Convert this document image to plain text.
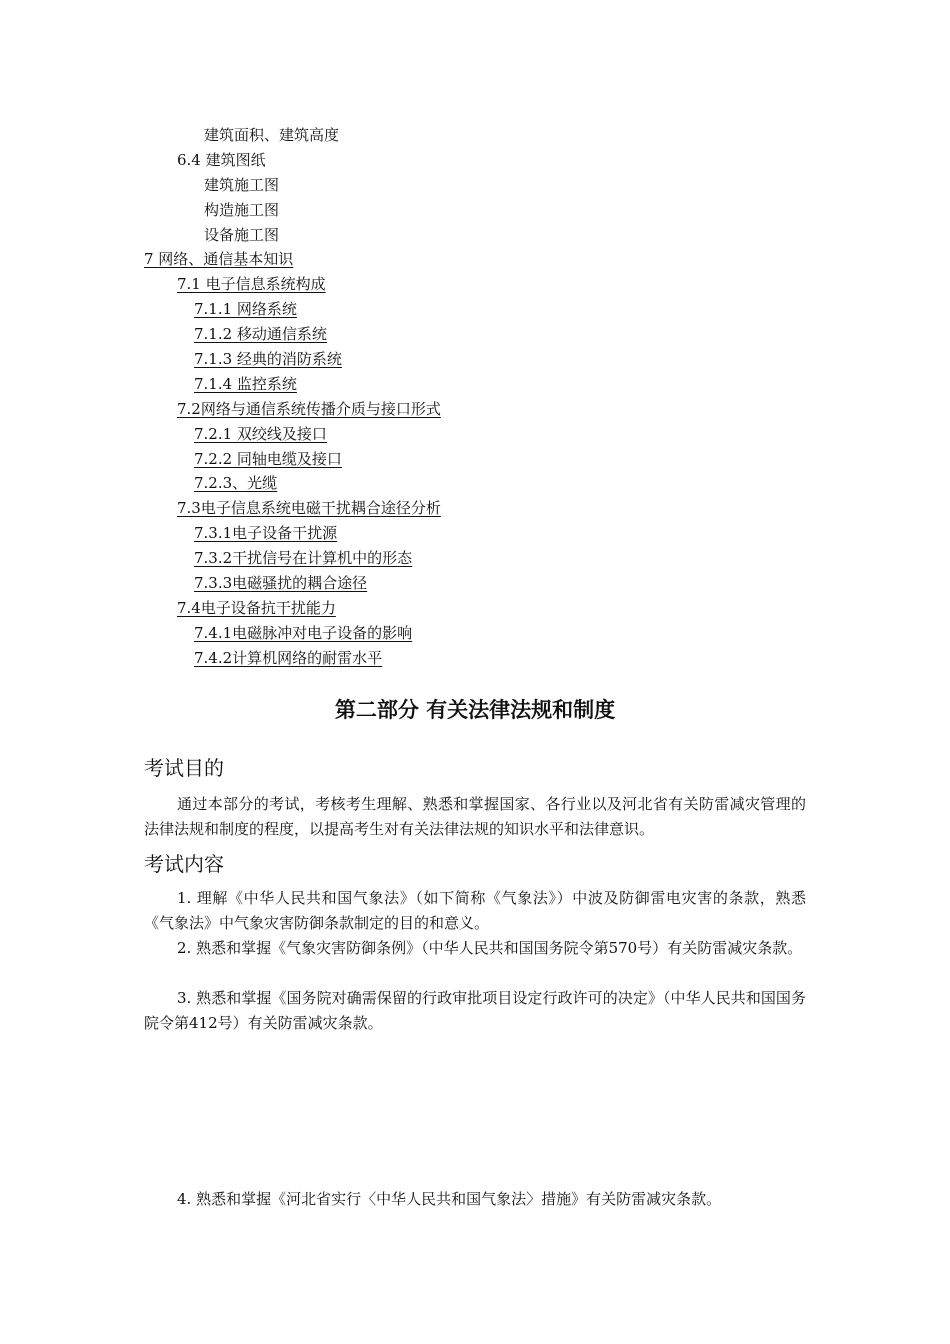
建筑面积、建筑高度
6.4 建筑图纸
建筑施工图
构造施工图
设备施工图
7 网络、通信基本知识
7.1 电子信息系统构成
7.1.1 网络系统
7.1.2 移动通信系统
7.1.3 经典的消防系统
7.1.4 监控系统
7.2网络与通信系统传播介质与接口形式
7.2.1 双绞线及接口
7.2.2 同轴电缆及接口
7.2.3、光缆
7.3电子信息系统电磁干扰耦合途径分析
7.3.1电子设备干扰源
7.3.2干扰信号在计算机中的形态
7.3.3电磁骚扰的耦合途径
7.4电子设备抗干扰能力
7.4.1电磁脉冲对电子设备的影响
7.4.2计算机网络的耐雷水平
第二部分 有关法律法规和制度
考试目的
通过本部分的考试，考核考生理解、熟悉和掌握国家、各行业以及河北省有关防雷减灾管理的法律法规和制度的程度，以提高考生对有关法律法规的知识水平和法律意识。
考试内容
1. 理解《中华人民共和国气象法》（如下简称《气象法》）中波及防御雷电灾害的条款，熟悉《气象法》中气象灾害防御条款制定的目的和意义。
2. 熟悉和掌握《气象灾害防御条例》（中华人民共和国国务院令第570号）有关防雷减灾条款。
3. 熟悉和掌握《国务院对确需保留的行政审批项目设定行政许可的决定》（中华人民共和国国务院令第412号）有关防雷减灾条款。
4. 熟悉和掌握《河北省实行〈中华人民共和国气象法〉措施》有关防雷减灾条款。
